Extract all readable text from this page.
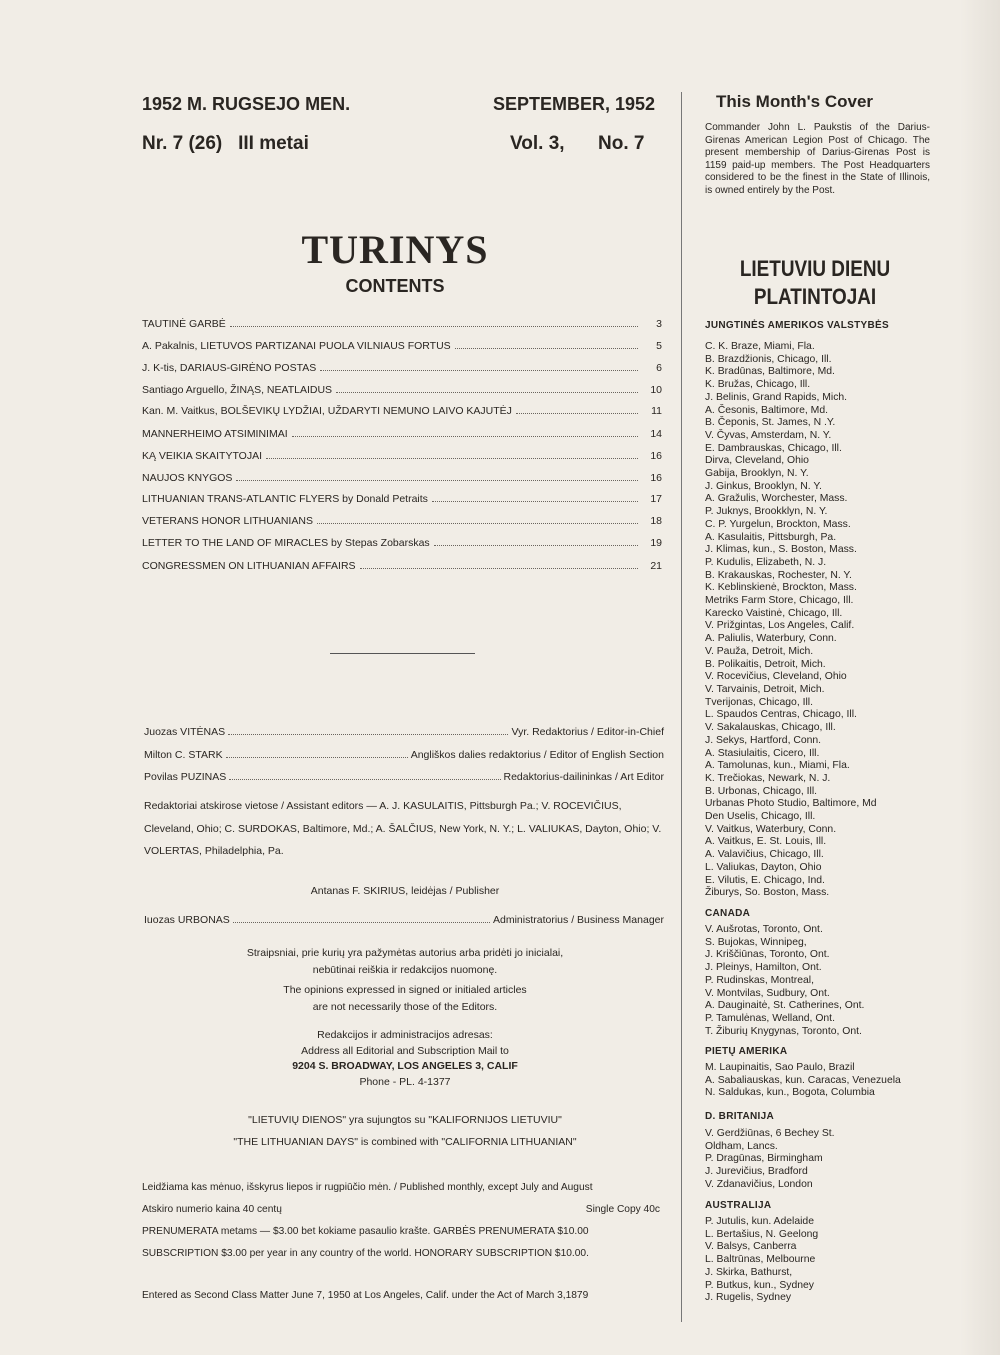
1952 M. RUGSEJO MEN.	SEPTEMBER, 1952
Nr. 7 (26)   III metai	Vol. 3, No. 7
TURINYS
CONTENTS
TAUTINĖ GARBĖ	3
A. Pakalnis, LIETUVOS PARTIZANAI PUOLA VILNIAUS FORTUS	5
J. K-tis, DARIAUS-GIRĖNO POSTAS	6
Santiago Arguello, ŽINĄS, NEATLAIDUS	10
Kan. M. Vaitkus, BOLŠEVIKŲ LYDŽIAI, UŽDARYTI NEMUNO LAIVO KAJUTĖJ	11
MANNERHEIMO ATSIMINIMAI	14
KĄ VEIKIA SKAITYTOJAI	16
NAUJOS KNYGOS	16
LITHUANIAN TRANS-ATLANTIC FLYERS by Donald Petraits	17
VETERANS HONOR LITHUANIANS	18
LETTER TO THE LAND OF MIRACLES by Stepas Zobarskas	19
CONGRESSMEN ON LITHUANIAN AFFAIRS	21
Juozas VITĖNAS	Vyr. Redaktorius / Editor-in-Chief
Milton C. STARK	Angliškos dalies redaktorius / Editor of English Section
Povilas PUZINAS	Redaktorius-dailininkas / Art Editor
Redaktoriai atskirose vietose / Assistant editors — A. J. KASULAITIS, Pittsburgh Pa.; V. ROCEVIČIUS, Cleveland, Ohio; C. SURDOKAS, Baltimore, Md.; A. ŠALČIUS, New York, N. Y.; L. VALIUKAS, Dayton, Ohio; V. VOLERTAS, Philadelphia, Pa.
Antanas F. SKIRIUS, leidėjas / Publisher
Iuozas URBONAS	Administratorius / Business Manager
Straipsniai, prie kurių yra pažymėtas autorius arba pridėti jo inicialai,
nebūtinai reiškia ir redakcijos nuomonę.
The opinions expressed in signed or initialed articles
are not necessarily those of the Editors.
Redakcijos ir administracijos adresas:
Address all Editorial and Subscription Mail to
9204 S. BROADWAY, LOS ANGELES 3, CALIF
Phone - PL. 4-1377
"LIETUVIŲ DIENOS" yra sujungtos su "KALIFORNIJOS LIETUVIU"
"THE LITHUANIAN DAYS" is combined with "CALIFORNIA LITHUANIAN"
Leidžiama kas mėnuo, išskyrus liepos ir rugpiūčio mėn. / Published monthly, except July and August
Atskiro numerio kaina 40 centų	Single Copy 40c
PRENUMERATA metams — $3.00 bet kokiame pasaulio krašte. GARBĖS PRENUMERATA $10.00
SUBSCRIPTION $3.00 per year in any country of the world. HONORARY SUBSCRIPTION $10.00.
Entered as Second Class Matter June 7, 1950 at Los Angeles, Calif. under the Act of March 3,1879
This Month's Cover
Commander John L. Paukstis of the Darius-Girenas American Legion Post of Chicago. The present membership of Darius-Girenas Post is 1159 paid-up members. The Post Headquarters considered to be the finest in the State of Illinois, is owned entirely by the Post.
LIETUVIU DIENU
PLATINTOJAI
JUNGTINĖS AMERIKOS VALSTYBĖS
C. K. Braze, Miami, Fla.
B. Brazdžionis, Chicago, Ill.
K. Bradūnas, Baltimore, Md.
K. Bružas, Chicago, Ill.
J. Belinis, Grand Rapids, Mich.
A. Česonis, Baltimore, Md.
B. Čeponis, St. James, N .Y.
V. Čyvas, Amsterdam, N. Y.
E. Dambrauskas, Chicago, Ill.
Dirva, Cleveland, Ohio
Gabija, Brooklyn, N. Y.
J. Ginkus, Brooklyn, N. Y.
A. Gražulis, Worchester, Mass.
P. Juknys, Brookklyn, N. Y.
C. P. Yurgelun, Brockton, Mass.
A. Kasulaitis, Pittsburgh, Pa.
J. Klimas, kun., S. Boston, Mass.
P. Kudulis, Elizabeth, N. J.
B. Krakauskas, Rochester, N. Y.
K. Keblinskienė, Brockton, Mass.
Metriks Farm Store, Chicago, Ill.
Karecko Vaistinė, Chicago, Ill.
V. Prižgintas, Los Angeles, Calif.
A. Paliulis, Waterbury, Conn.
V. Pauža, Detroit, Mich.
B. Polikaitis, Detroit, Mich.
V. Rocevičius, Cleveland, Ohio
V. Tarvainis, Detroit, Mich.
Tverijonas, Chicago, Ill.
L. Spaudos Centras, Chicago, Ill.
V. Sakalauskas, Chicago, Ill.
J. Sekys, Hartford, Conn.
A. Stasiulaitis, Cicero, Ill.
A. Tamolunas, kun., Miami, Fla.
K. Trečiokas, Newark, N. J.
B. Urbonas, Chicago, Ill.
Urbanas Photo Studio, Baltimore, Md
Den Uselis, Chicago, Ill.
V. Vaitkus, Waterbury, Conn.
A. Vaitkus, E. St. Louis, Ill.
A. Valavičius, Chicago, Ill.
L. Valiukas, Dayton, Ohio
E. Vilutis, E. Chicago, Ind.
Žiburys, So. Boston, Mass.
CANADA
V. Aušrotas, Toronto, Ont.
S. Bujokas, Winnipeg,
J. Kriščiūnas, Toronto, Ont.
J. Pleinys, Hamilton, Ont.
P. Rudinskas, Montreal,
V. Montvilas, Sudbury, Ont.
A. Dauginaitė, St. Catherines, Ont.
P. Tamulėnas, Welland, Ont.
T. Žiburių Knygynas, Toronto, Ont.
PIETŲ AMERIKA
M. Laupinaitis, Sao Paulo, Brazil
A. Sabaliauskas, kun. Caracas, Venezuela
N. Saldukas, kun., Bogota, Columbia
D. BRITANIJA
V. Gerdžiūnas, 6 Bechey St.
Oldham, Lancs.
P. Dragūnas, Birmingham
J. Jurevičius, Bradford
V. Zdanavičius, London
AUSTRALIJA
P. Jutulis, kun. Adelaide
L. Bertašius, N. Geelong
V. Balsys, Canberra
L. Baltrūnas, Melbourne
J. Skirka, Bathurst,
P. Butkus, kun., Sydney
J. Rugelis, Sydney
